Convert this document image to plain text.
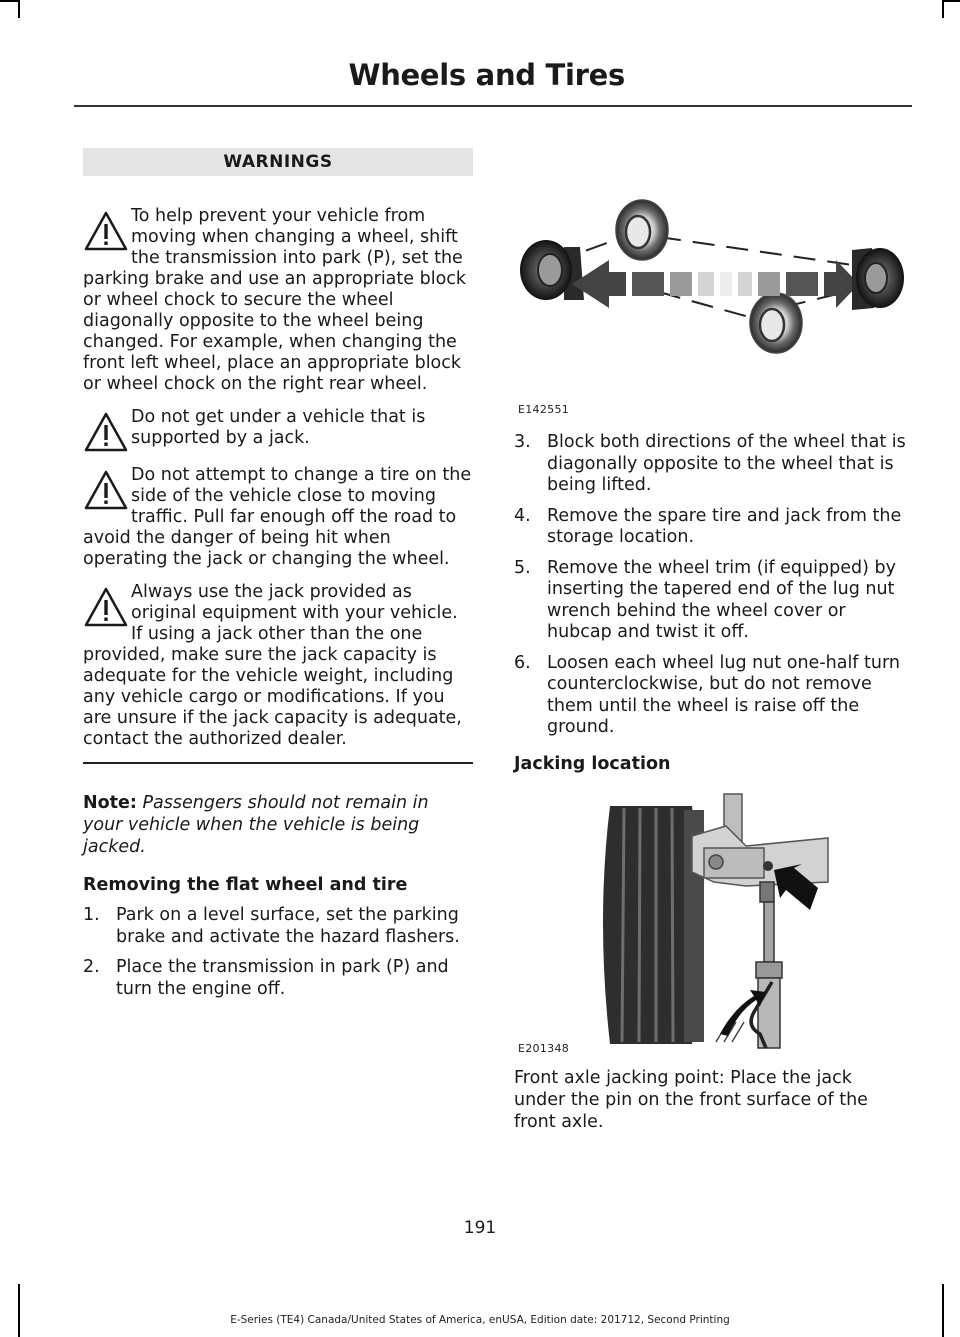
Wheels and Tires
WARNINGS
To help prevent your vehicle from moving when changing a wheel, shift the transmission into park (P), set the parking brake and use an appropriate block or wheel chock to secure the wheel diagonally opposite to the wheel being changed. For example, when changing the front left wheel, place an appropriate block or wheel chock on the right rear wheel.
Do not get under a vehicle that is supported by a jack.
Do not attempt to change a tire on the side of the vehicle close to moving traffic. Pull far enough off the road to avoid the danger of being hit when operating the jack or changing the wheel.
Always use the jack provided as original equipment with your vehicle. If using a jack other than the one provided, make sure the jack capacity is adequate for the vehicle weight, including any vehicle cargo or modifications. If you are unsure if the jack capacity is adequate, contact the authorized dealer.

Note: Passengers should not remain in your vehicle when the vehicle is being jacked.

Removing the flat wheel and tire
1. Park on a level surface, set the parking brake and activate the hazard flashers.
2. Place the transmission in park (P) and turn the engine off.
E142551
3. Block both directions of the wheel that is diagonally opposite to the wheel that is being lifted.
4. Remove the spare tire and jack from the storage location.
5. Remove the wheel trim (if equipped) by inserting the tapered end of the lug nut wrench behind the wheel cover or hubcap and twist it off.
6. Loosen each wheel lug nut one-half turn counterclockwise, but do not remove them until the wheel is raise off the ground.
Jacking location
E201348

Front axle jacking point: Place the jack under the pin on the front surface of the front axle.

191
E-Series (TE4) Canada/United States of America, enUSA, Edition date: 201712, Second Printing
